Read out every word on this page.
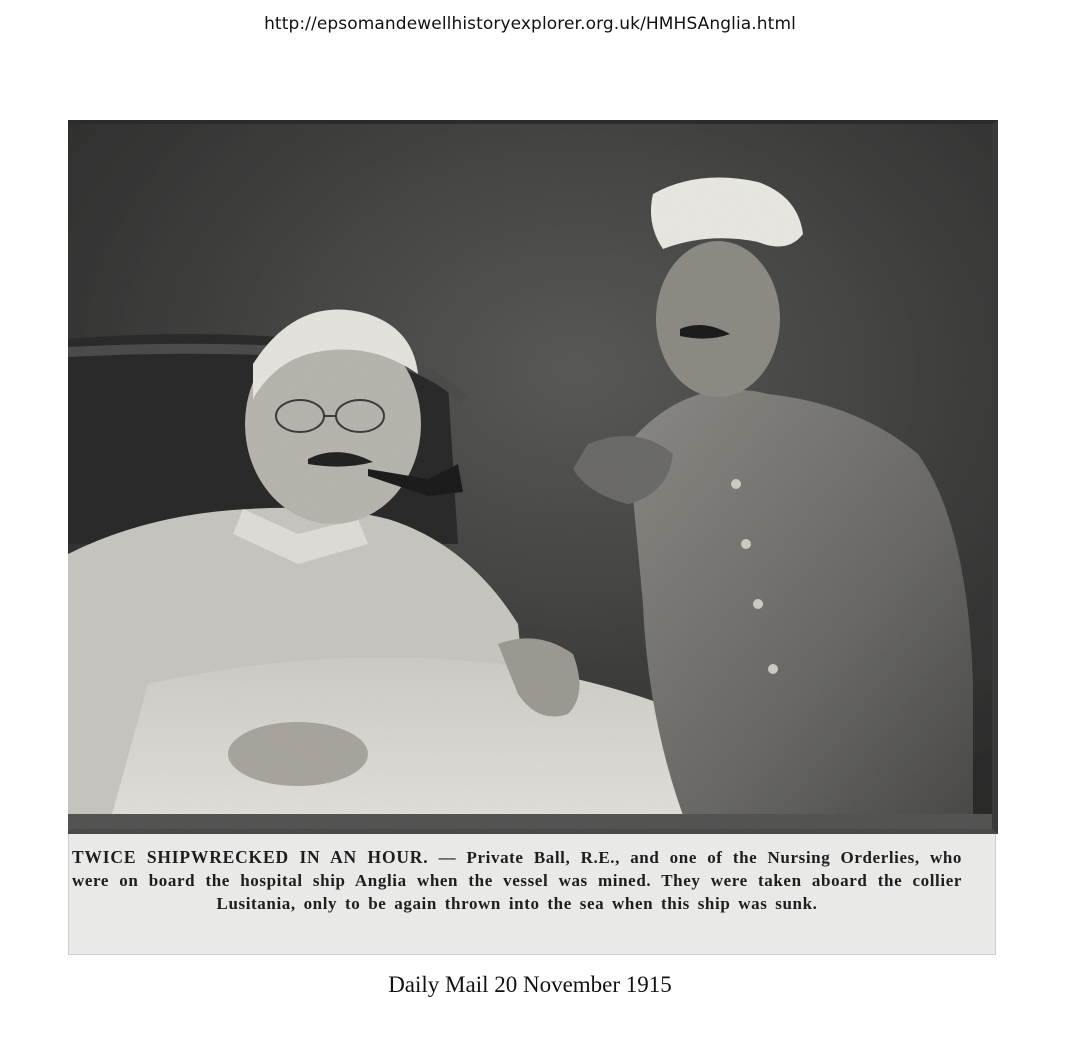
http://epsomandewellhistoryexplorer.org.uk/HMHSAnglia.html
TWICE SHIPWRECKED IN AN HOUR. — Private Ball, R.E., and one of the Nursing Orderlies, who were on board the hospital ship Anglia when the vessel was mined. They were taken aboard the collier Lusitania, only to be again thrown into the sea when this ship was sunk.
Daily Mail 20 November 1915
